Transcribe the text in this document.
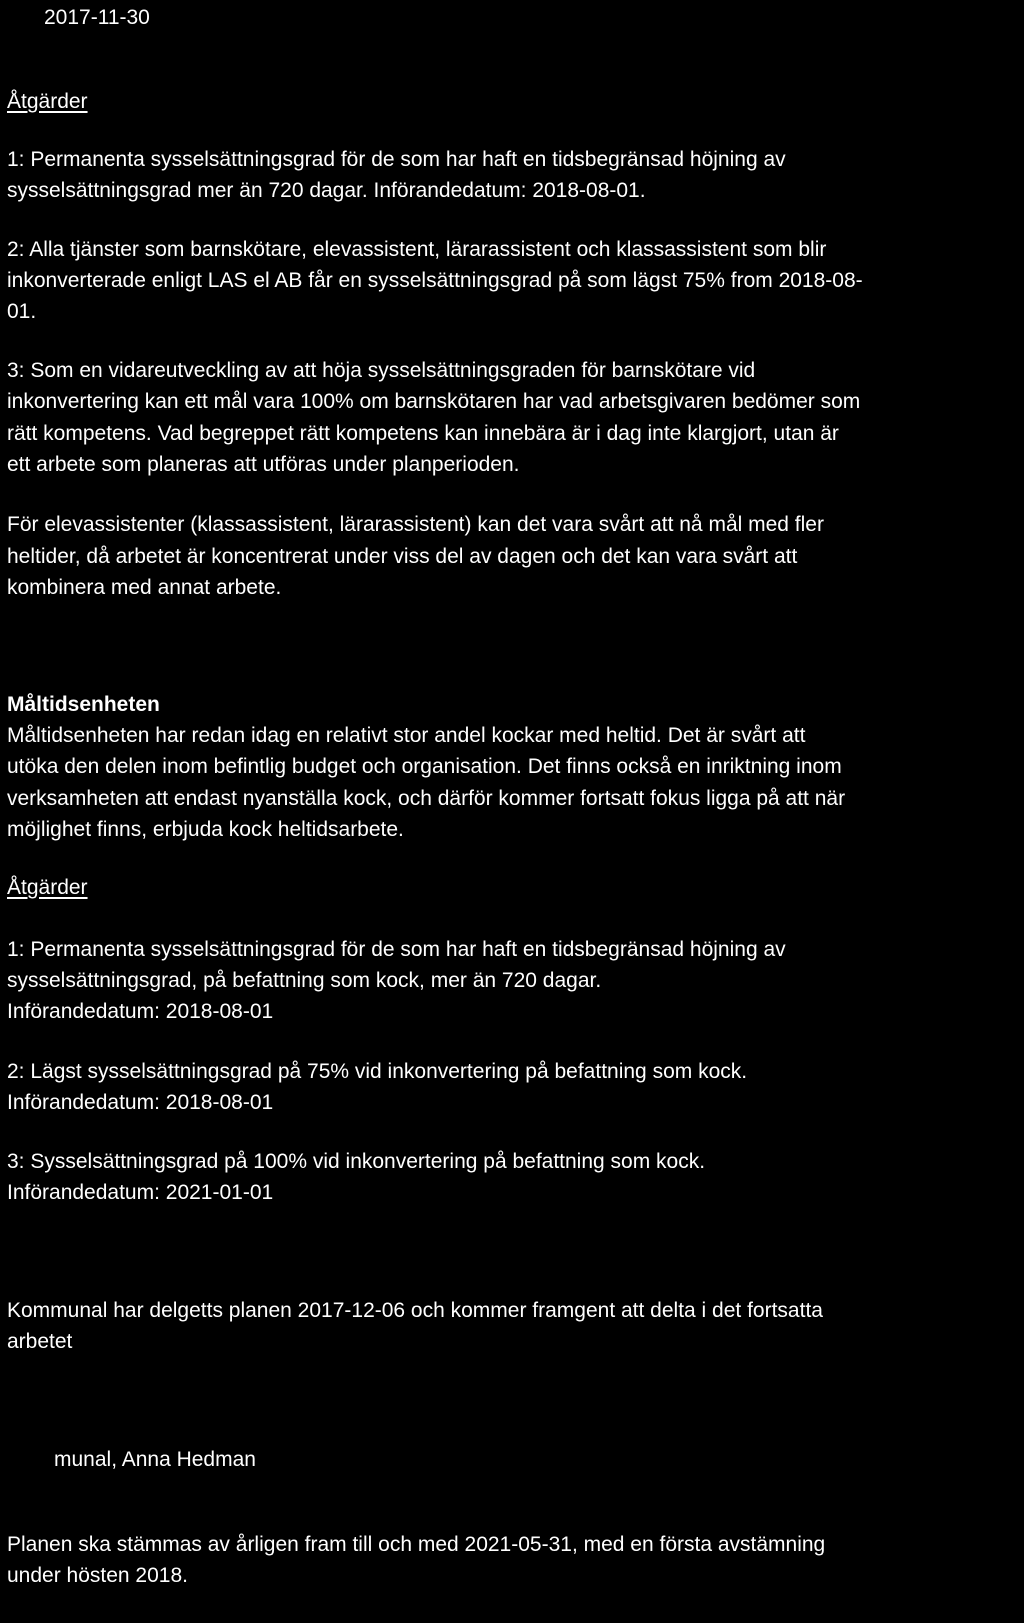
2017-11-30

Åtgärder

1: Permanenta sysselsättningsgrad för de som har haft en tidsbegränsad höjning av

sysselsättningsgrad mer än 720 dagar. Införandedatum: 2018-08-01.

2: Alla tjänster som barnskötare, elevassistent, lärarassistent och klassassistent som blir

inkonverterade enligt LAS el AB får en sysselsättningsgrad på som lägst 75% from 2018-08-

01.

3: Som en vidareutveckling av att höja sysselsättningsgraden för barnskötare vid

inkonvertering kan ett mål vara 100% om barnskötaren har vad arbetsgivaren bedömer som

rätt kompetens. Vad begreppet rätt kompetens kan innebära är i dag inte klargjort, utan är

ett arbete som planeras att utföras under planperioden.

För elevassistenter (klassassistent, lärarassistent) kan det vara svårt att nå mål med fler

heltider, då arbetet är koncentrerat under viss del av dagen och det kan vara svårt att

kombinera med annat arbete.

Måltidsenheten

Måltidsenheten har redan idag en relativt stor andel kockar med heltid. Det är svårt att

utöka den delen inom befintlig budget och organisation. Det finns också en inriktning inom

verksamheten att endast nyanställa kock, och därför kommer fortsatt fokus ligga på att när

möjlighet finns, erbjuda kock heltidsarbete.

Åtgärder

1: Permanenta sysselsättningsgrad för de som har haft en tidsbegränsad höjning av

sysselsättningsgrad, på befattning som kock, mer än 720 dagar.

Införandedatum: 2018-08-01

2: Lägst sysselsättningsgrad på 75% vid inkonvertering på befattning som kock.

Införandedatum: 2018-08-01

3: Sysselsättningsgrad på 100% vid inkonvertering på befattning som kock.

Införandedatum: 2021-01-01

Kommunal har delgetts planen 2017-12-06 och kommer framgent att delta i det fortsatta

arbetet

munal, Anna Hedman

Planen ska stämmas av årligen fram till och med 2021-05-31, med en första avstämning

under hösten 2018.
